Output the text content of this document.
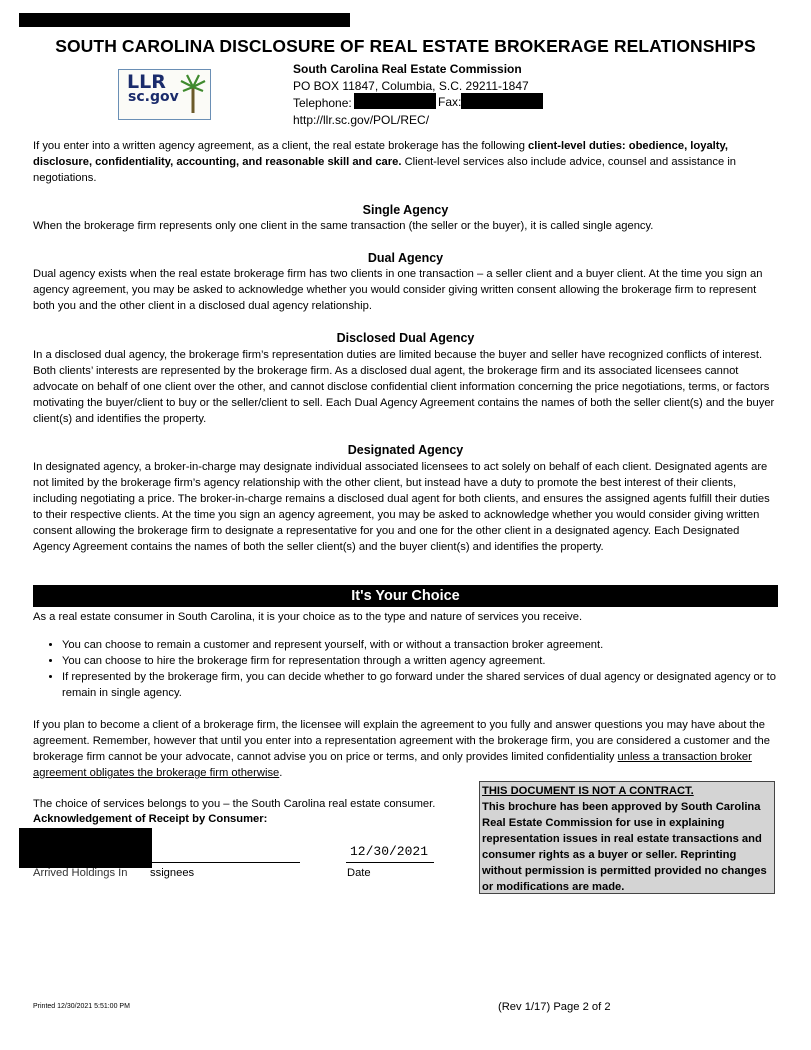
SOUTH CAROLINA DISCLOSURE OF REAL ESTATE BROKERAGE RELATIONSHIPS
LLR
sc.gov
South Carolina Real Estate Commission
PO BOX 11847, Columbia, S.C. 29211-1847
Telephone:
http://llr.sc.gov/POL/REC/
Fax:
If you enter into a written agency agreement, as a client, the real estate brokerage has the following client-level duties: obedience, loyalty, disclosure, confidentiality, accounting, and reasonable skill and care. Client-level services also include advice, counsel and assistance in negotiations.
Single Agency
When the brokerage firm represents only one client in the same transaction (the seller or the buyer), it is called single agency.
Dual Agency
Dual agency exists when the real estate brokerage firm has two clients in one transaction – a seller client and a buyer client. At the time you sign an agency agreement, you may be asked to acknowledge whether you would consider giving written consent allowing the brokerage firm to represent both you and the other client in a disclosed dual agency relationship.
Disclosed Dual Agency
In a disclosed dual agency, the brokerage firm’s representation duties are limited because the buyer and seller have recognized conflicts of interest. Both clients’ interests are represented by the brokerage firm. As a disclosed dual agent, the brokerage firm and its associated licensees cannot advocate on behalf of one client over the other, and cannot disclose confidential client information concerning the price negotiations, terms, or factors motivating the buyer/client to buy or the seller/client to sell. Each Dual Agency Agreement contains the names of both the seller client(s) and the buyer client(s) and identifies the property.
Designated Agency
In designated agency, a broker-in-charge may designate individual associated licensees to act solely on behalf of each client. Designated agents are not limited by the brokerage firm’s agency relationship with the other client, but instead have a duty to promote the best interest of their clients, including negotiating a price. The broker-in-charge remains a disclosed dual agent for both clients, and ensures the assigned agents fulfill their duties to their respective clients. At the time you sign an agency agreement, you may be asked to acknowledge whether you would consider giving written consent allowing the brokerage firm to designate a representative for you and one for the other client in a designated agency. Each Designated Agency Agreement contains the names of both the seller client(s) and the buyer client(s) and identifies the property.
It's Your Choice
As a real estate consumer in South Carolina, it is your choice as to the type and nature of services you receive.
• You can choose to remain a customer and represent yourself, with or without a transaction broker agreement.
• You can choose to hire the brokerage firm for representation through a written agency agreement.
• If represented by the brokerage firm, you can decide whether to go forward under the shared services of dual agency or designated agency or to remain in single agency.
If you plan to become a client of a brokerage firm, the licensee will explain the agreement to you fully and answer questions you may have about the agreement. Remember, however that until you enter into a representation agreement with the brokerage firm, you are considered a customer and the brokerage firm cannot be your advocate, cannot advise you on price or terms, and only provides limited confidentiality unless a transaction broker agreement obligates the brokerage firm otherwise.
The choice of services belongs to you – the South Carolina real estate consumer.
Acknowledgement of Receipt by Consumer:
THIS DOCUMENT IS NOT A CONTRACT.
This brochure has been approved by South Carolina Real Estate Commission for use in explaining representation issues in real estate transactions and consumer rights as a buyer or seller. Reprinting without permission is permitted provided no changes or modifications are made.
Arrived Holdings In ssignees
12/30/2021
Date
Printed 12/30/2021 5:51:00 PM	(Rev 1/17) Page 2 of 2
